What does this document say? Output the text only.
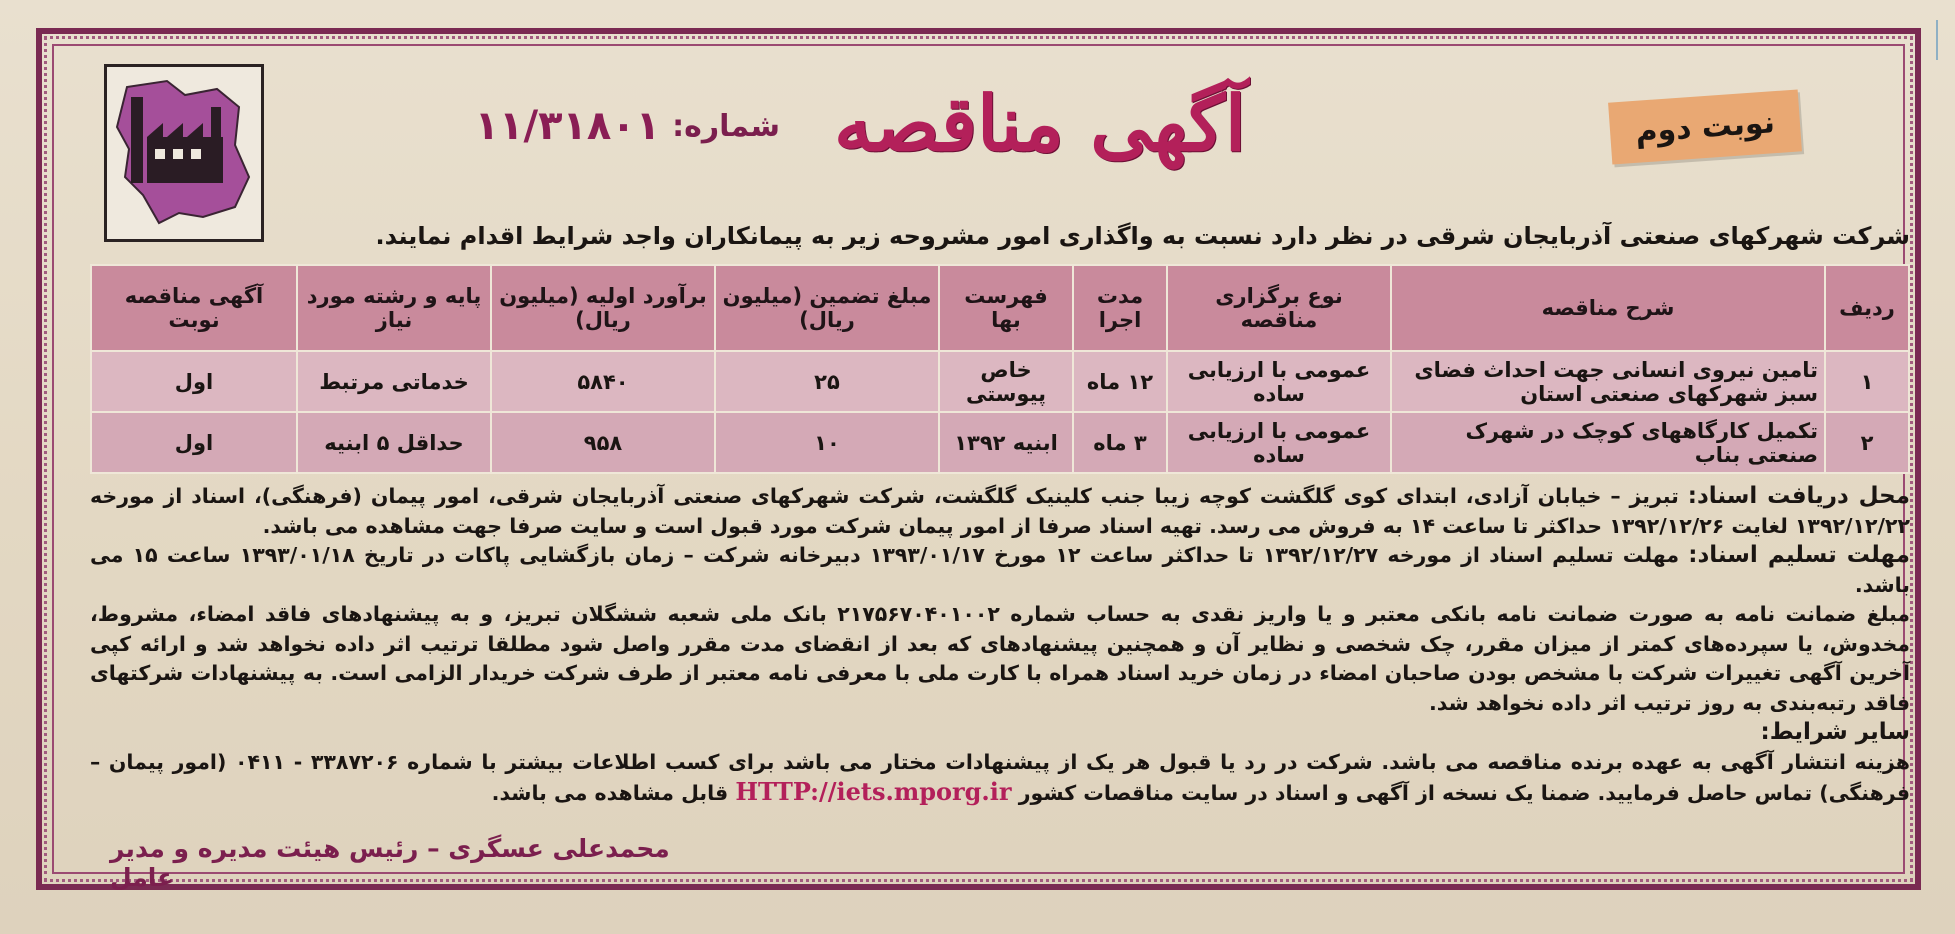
نوبت دوم
آگهی مناقصه
شماره:
۱۱/۳۱۸۰۱
شرکت شهرکهای صنعتی آذربایجان شرقی در نظر دارد نسبت به واگذاری امور مشروحه زیر به پیمانکاران واجد شرایط اقدام نمایند.
ردیف	شرح مناقصه	نوع برگزاری مناقصه	مدت اجرا	فهرست بها	مبلغ تضمین (میلیون ریال)	برآورد اولیه (میلیون ریال)	پایه و رشته مورد نیاز	آگهی مناقصه نوبت
۱	تامین نیروی انسانی جهت احداث فضای سبز شهرکهای صنعتی استان	عمومی با ارزیابی ساده	۱۲ ماه	خاص پیوستی	۲۵	۵۸۴۰	خدماتی مرتبط	اول
۲	تکمیل کارگاههای کوچک در شهرک صنعتی بناب	عمومی با ارزیابی ساده	۳ ماه	ابنیه ۱۳۹۲	۱۰	۹۵۸	حداقل ۵ ابنیه	اول

محل دریافت اسناد: تبریز – خیابان آزادی، ابتدای کوی گلگشت کوچه زیبا جنب کلینیک گلگشت، شرکت شهرکهای صنعتی آذربایجان شرقی، امور پیمان (فرهنگی)، اسناد از مورخه ۱۳۹۲/۱۲/۲۲ لغایت ۱۳۹۲/۱۲/۲۶ حداکثر تا ساعت ۱۴ به فروش می رسد. تهیه اسناد صرفا از امور پیمان شرکت مورد قبول است و سایت صرفا جهت مشاهده می باشد.

مهلت تسلیم اسناد: مهلت تسلیم اسناد از مورخه ۱۳۹۲/۱۲/۲۷ تا حداکثر ساعت ۱۲ مورخ ۱۳۹۳/۰۱/۱۷ دبیرخانه شرکت – زمان بازگشایی پاکات در تاریخ ۱۳۹۳/۰۱/۱۸ ساعت ۱۵ می باشد.

مبلغ ضمانت نامه به صورت ضمانت نامه بانکی معتبر و یا واریز نقدی به حساب شماره ۲۱۷۵۶۷۰۴۰۱۰۰۲ بانک ملی شعبه ششگلان تبریز، و به پیشنهادهای فاقد امضاء، مشروط، مخدوش، یا سپرده‌های کمتر از میزان مقرر، چک شخصی و نظایر آن و همچنین پیشنهادهای که بعد از انقضای مدت مقرر واصل شود مطلقا ترتیب اثر داده نخواهد شد و ارائه کپی آخرین آگهی تغییرات شرکت با مشخص بودن صاحبان امضاء در زمان خرید اسناد همراه با کارت ملی با معرفی نامه معتبر از طرف شرکت خریدار الزامی است. به پیشنهادات شرکتهای فاقد رتبه‌بندی به روز ترتیب اثر داده نخواهد شد.

سایر شرایط:

هزینه انتشار آگهی به عهده برنده مناقصه می باشد. شرکت در رد یا قبول هر یک از پیشنهادات مختار می باشد برای کسب اطلاعات بیشتر با شماره ۳۳۸۷۲۰۶ - ۰۴۱۱ (امور پیمان – فرهنگی) تماس حاصل فرمایید. ضمنا یک نسخه از آگهی و اسناد در سایت مناقصات کشور HTTP://iets.mporg.ir قابل مشاهده می باشد.

محمدعلی عسگری – رئیس هیئت مدیره و مدیر عامل
